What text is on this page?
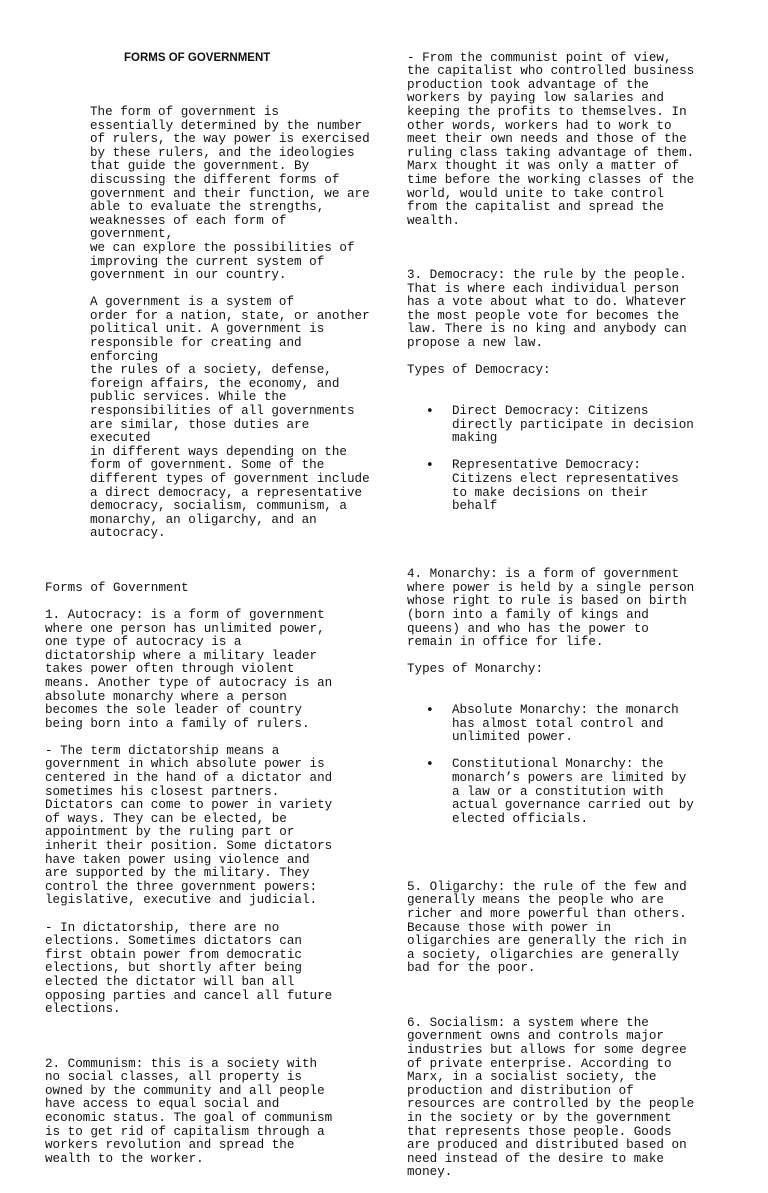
FORMS OF GOVERNMENT

The form of government is
essentially determined by the number
of rulers, the way power is exercised
by these rulers, and the ideologies
that guide the government. By
discussing the different forms of
government and their function, we are
able to evaluate the strengths,
weaknesses of each form of government,
we can explore the possibilities of
improving the current system of
government in our country.

A government is a system of
order for a nation, state, or another
political unit. A government is
responsible for creating and enforcing
the rules of a society, defense,
foreign affairs, the economy, and
public services. While the
responsibilities of all governments
are similar, those duties are executed
in different ways depending on the
form of government. Some of the
different types of government include
a direct democracy, a representative
democracy, socialism, communism, a
monarchy, an oligarchy, and an
autocracy.

Forms of Government

1. Autocracy: is a form of government
where one person has unlimited power,
one type of autocracy is a
dictatorship where a military leader
takes power often through violent
means. Another type of autocracy is an
absolute monarchy where a person
becomes the sole leader of country
being born into a family of rulers.

- The term dictatorship means a
government in which absolute power is
centered in the hand of a dictator and
sometimes his closest partners.
Dictators can come to power in variety
of ways. They can be elected, be
appointment by the ruling part or
inherit their position. Some dictators
have taken power using violence and
are supported by the military. They
control the three government powers:
legislative, executive and judicial.

- In dictatorship, there are no
elections. Sometimes dictators can
first obtain power from democratic
elections, but shortly after being
elected the dictator will ban all
opposing parties and cancel all future
elections.

2. Communism: this is a society with
no social classes, all property is
owned by the community and all people
have access to equal social and
economic status. The goal of communism
is to get rid of capitalism through a
workers revolution and spread the
wealth to the worker.

- From the communist point of view,
the capitalist who controlled business
production took advantage of the
workers by paying low salaries and
keeping the profits to themselves. In
other words, workers had to work to
meet their own needs and those of the
ruling class taking advantage of them.
Marx thought it was only a matter of
time before the working classes of the
world, would unite to take control
from the capitalist and spread the
wealth.

3. Democracy: the rule by the people.
That is where each individual person
has a vote about what to do. Whatever
the most people vote for becomes the
law. There is no king and anybody can
propose a new law.

Types of Democracy:

• Direct Democracy: Citizens
directly participate in decision
making

• Representative Democracy:
Citizens elect representatives
to make decisions on their
behalf

4. Monarchy: is a form of government
where power is held by a single person
whose right to rule is based on birth
(born into a family of kings and
queens) and who has the power to
remain in office for life.

Types of Monarchy:

• Absolute Monarchy: the monarch
has almost total control and
unlimited power.

• Constitutional Monarchy: the
monarch’s powers are limited by
a law or a constitution with
actual governance carried out by
elected officials.

5. Oligarchy: the rule of the few and
generally means the people who are
richer and more powerful than others.
Because those with power in
oligarchies are generally the rich in
a society, oligarchies are generally
bad for the poor.

6. Socialism: a system where the
government owns and controls major
industries but allows for some degree
of private enterprise. According to
Marx, in a socialist society, the
production and distribution of
resources are controlled by the people
in the society or by the government
that represents those people. Goods
are produced and distributed based on
need instead of the desire to make
money.
